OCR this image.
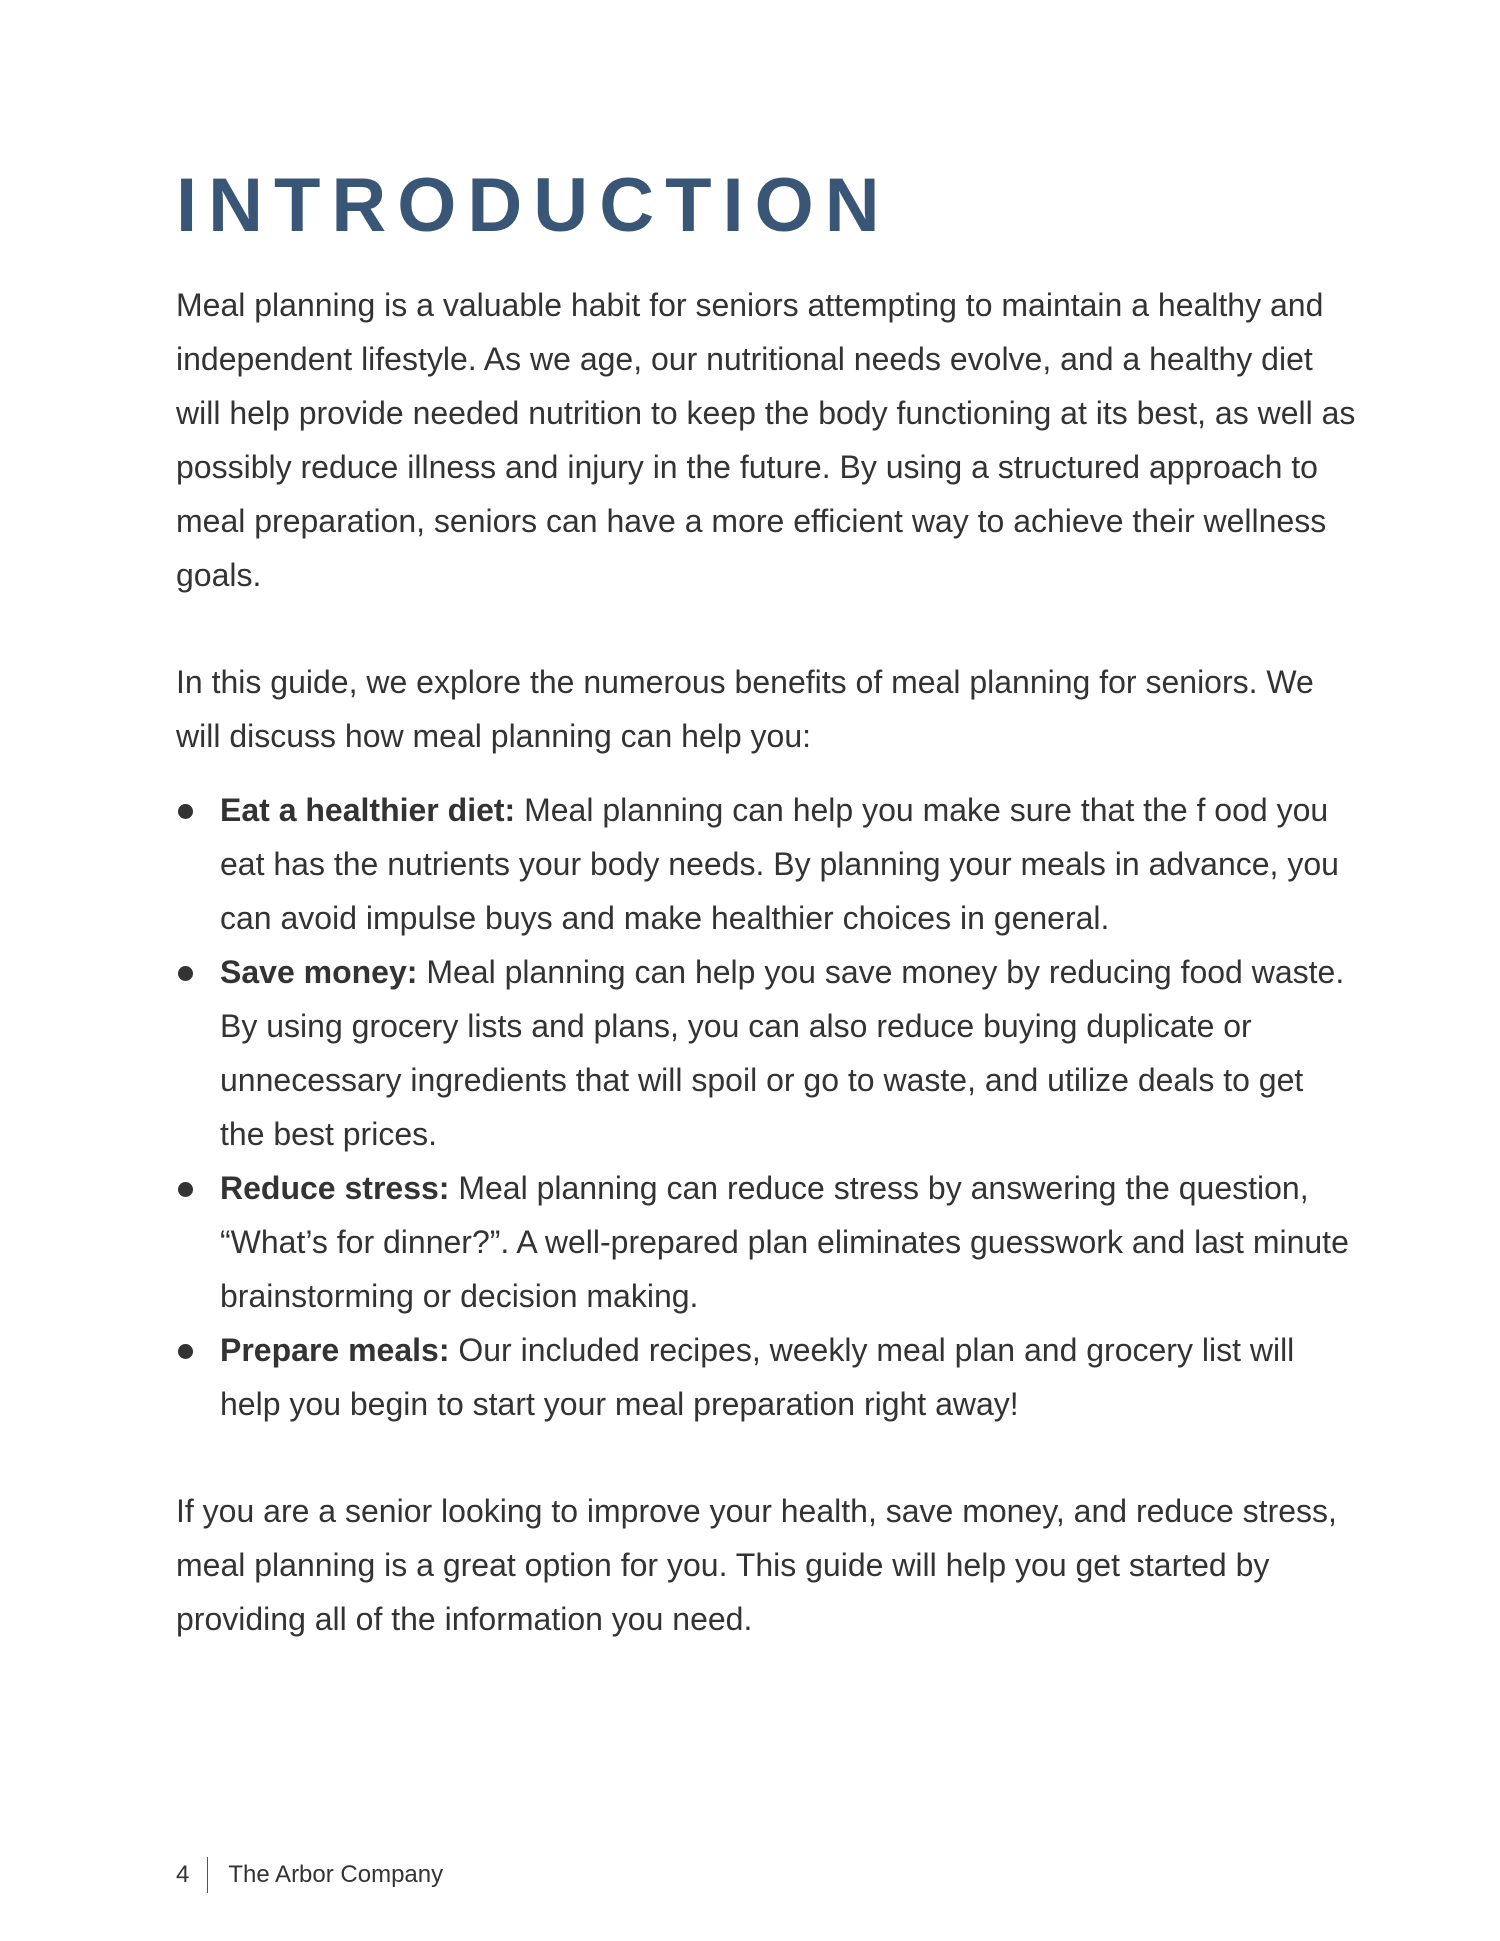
INTRODUCTION

Meal planning is a valuable habit for seniors attempting to maintain a healthy and independent lifestyle. As we age, our nutritional needs evolve, and a healthy diet will help provide needed nutrition to keep the body functioning at its best, as well as possibly reduce illness and injury in the future. By using a structured approach to meal preparation, seniors can have a more efficient way to achieve their wellness goals.

In this guide, we explore the numerous benefits of meal planning for seniors. We will discuss how meal planning can help you:

Eat a healthier diet: Meal planning can help you make sure that the f ood you eat has the nutrients your body needs. By planning your meals in advance, you can avoid impulse buys and make healthier choices in general.
Save money: Meal planning can help you save money by reducing food waste. By using grocery lists and plans, you can also reduce buying duplicate or unnecessary ingredients that will spoil or go to waste, and utilize deals to get the best prices.
Reduce stress: Meal planning can reduce stress by answering the question, “What’s for dinner?”. A well-prepared plan eliminates guesswork and last minute brainstorming or decision making.
Prepare meals: Our included recipes, weekly meal plan and grocery list will help you begin to start your meal preparation right away!

If you are a senior looking to improve your health, save money, and reduce stress, meal planning is a great option for you. This guide will help you get started by providing all of the information you need.

4 The Arbor Company
